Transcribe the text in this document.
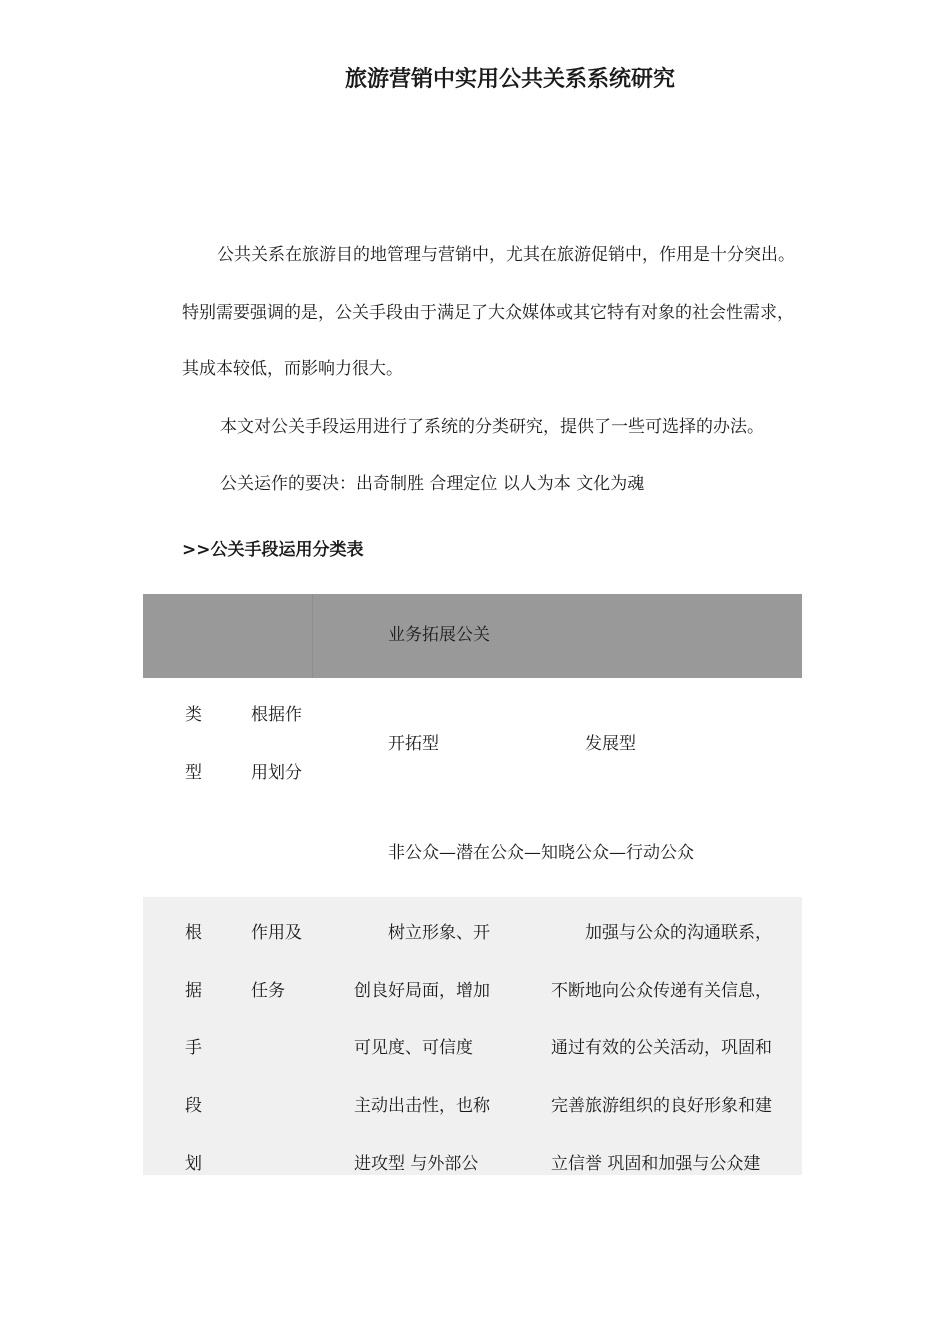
旅游营销中实用公共关系系统研究
公共关系在旅游目的地管理与营销中，尤其在旅游促销中，作用是十分突出。
特别需要强调的是，公关手段由于满足了大众媒体或其它特有对象的社会性需求，
其成本较低，而影响力很大。
本文对公关手段运用进行了系统的分类研究，提供了一些可选择的办法。
公关运作的要决：出奇制胜 合理定位 以人为本 文化为魂
>>公关手段运用分类表
业务拓展公关
类
型
根据作
用划分
开拓型	发展型
非公众—潜在公众—知晓公众—行动公众
根
据
手
段
划
作用及
任务
树立形象、开
创良好局面，增加
可见度、可信度
主动出击性，也称
进攻型 与外部公
加强与公众的沟通联系，
不断地向公众传递有关信息，
通过有效的公关活动，巩固和
完善旅游组织的良好形象和建
立信誉 巩固和加强与公众建
